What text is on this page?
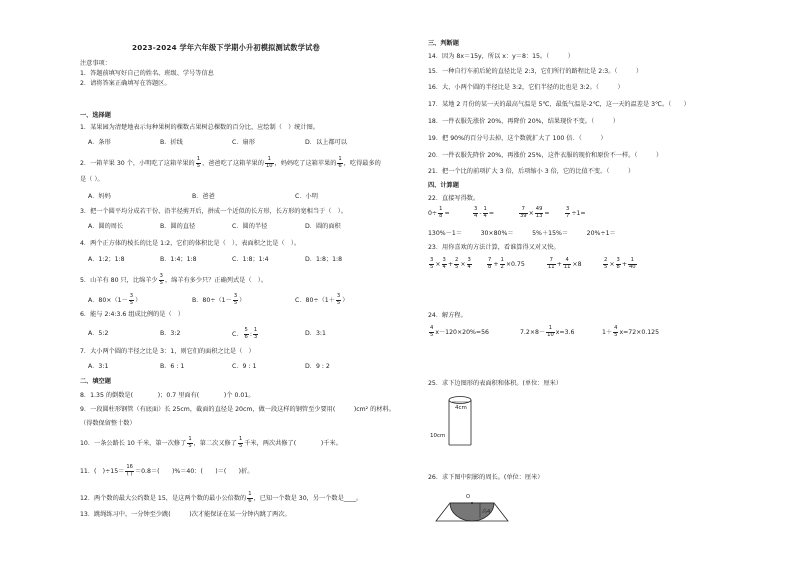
2023-2024 学年六年级下学期小升初模拟测试数学试卷
注意事项：
1．答题前填写好自己的姓名、班级、学号等信息
2．请将答案正确填写在答题区。
一、选择题
1．某果园为清楚地表示每种果树的棵数占果树总棵数的百分比，应绘制（　）统计图。
A．条形	B．折线	C．扇形	D．以上都可以
2．一箱苹果 30 个，小明吃了这箱苹果的 $\frac{1}{5}$ ，爸爸吃了这箱苹果的 $\frac{1}{10}$ ，妈妈吃了这箱苹果的 $\frac{1}{6}$ ，吃得最多的
是（ ）。
A．妈妈	B．爸爸	C．小明
3．把一个圆平均分成若干份，沿半径剪开后，拼成一个近似的长方形，长方形的宽相当于（　）。
A．圆的周长	B．圆的直径	C．圆的半径	D．圆的面积
4．两个正方体的棱长的比是 1:2，它们的体积比是（　），表面积之比是（　）。
A．1:2；1:8	B．1:4；1:8	C．1:8；1:4	D．1:8；1:8
5．山羊有 80 只，比绵羊少 $\frac{3}{5}$ ，绵羊有多少只？正确列式是（　）。
A．$80\times(1- \frac{3}{5}$ ）	B．$80\div(1- \frac{3}{5}$ ）	C．$80\div(1+ \frac{3}{5}$ ）
6．能与 2:4:3.6 组成比例的是（　）
A．5:2	B．3:2	C． $\frac{5}{6}$ : $\frac{1}{3}$	D．3:1
7．大小两个圆的半径之比是 3：1，则它们的面积之比是（　）
A．3:1	B．6 : 1	C．9 : 1	D．9 : 2
二、填空题
8．1.35 的倒数是(　　　　)；0.7 里面有(　　　　)个 0.01。
9．一段圆柱形钢管（有底面）长 25cm，截面的直径是 20cm，做一段这样的钢管至少要用(　　　)cm² 的材料。
（得数保留整十数）
10．一条公路长 10 千米，第一次修了 $\frac{1}{5}$ ，第二次又修了 $\frac{1}{5}$ 千米，两次共修了(　　　　)千米。
11．(　)$\div 15= \frac{16}{( )} =0.8=$(　　)%＝40：(　　)＝(　　)折。
12．两个数的最大公约数是 15，是这两个数的最小公倍数的 $\frac{1}{6}$ ，已知一个数是 30，另一个数是____。
13．跳绳练习中，一分钟至少跳(　　　)次才能保证在某一分钟内跳了两次。
三、判断题
14．因为 8x＝15y，所以 x：y＝8：15。（　　　）
15．一种自行车前后轮的直径比是 2:3，它们所行的路程比是 2:3。（　　　）
16．大、小两个圆的半径比是 3:2，它们半径的比也是 3:2。（　　　）
17．某地 2 月份的某一天的最高气温是 5℃，最低气温是-2℃，这一天的温差是 3℃。（　　）
18．一件衣服先涨价 20%，再降价 20%，结果现价不变。（　　　）
19．把 90%的百分号去掉，这个数就扩大了 100 倍．（　　　）
20．一件衣服先降价 20%，再涨价 25%，这件衣服的现价和原价不一样。（　　　）
21．把一个比的前项扩大 3 倍，后项缩小 3 倍，它的比值不变。（　　　）
四、计算题
22．直接写得数。
$0\div \frac{1}{8}$ =	$\frac{3}{4} - \frac{1}{4}$ =	$\frac{7}{39} \times \frac{49}{13}$ =	$\frac{3}{7} \div 1=$
130%－1＝　　　30×80%＝　　　5%＋15%＝　　　20%÷1＝
23．用你喜欢的方法计算，看谁算得又对又快。
$\frac{3}{5} \times \frac{3}{4} + \frac{2}{5} \times \frac{3}{4}$	$\frac{7}{8} + \frac{1}{2} \times 0.75$	$\frac{7}{11} + \frac{4}{11} \times 8$	$\frac{2}{5} \times \frac{3}{8} + \frac{1}{40}$
24．解方程。
$\frac{4}{5} x-120\times 20\%=56$	$7.2\times 8- \frac{1}{10} x=3.6$	$1+ \frac{4}{5} x=72\times 0.125$
25．求下边图形的表面积和体积。(单位：厘米）
4cm
10cm
26．求下图中阴影的周长。(单位：厘米）
O
高4
